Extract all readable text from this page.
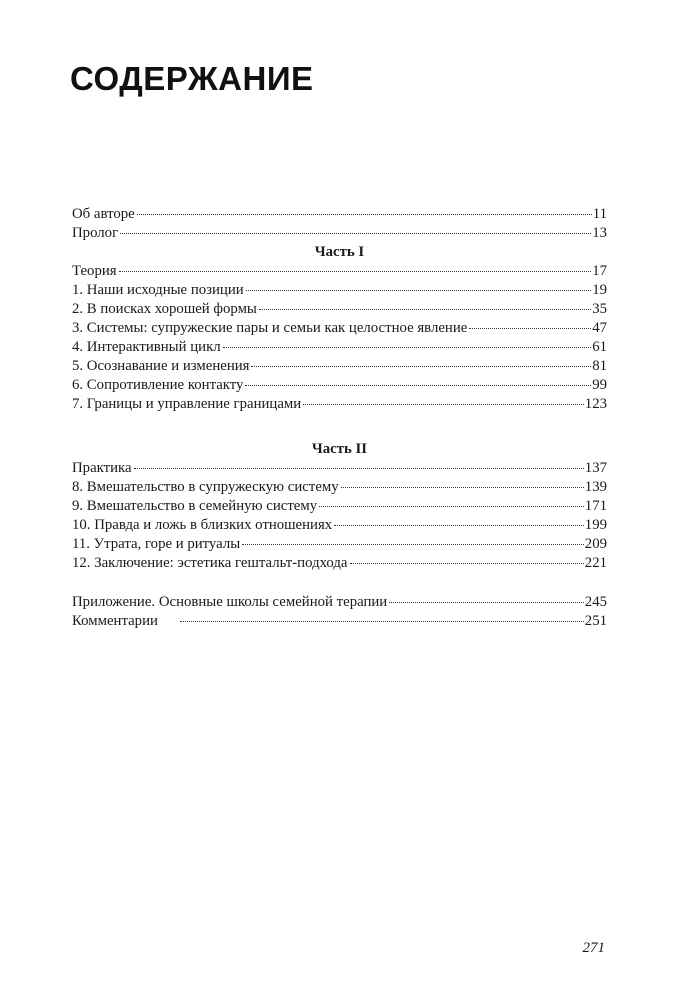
СОДЕРЖАНИЕ
Об авторе	11
Пролог	13

Часть I

Теория	17
1. Наши исходные позиции	19
2. В поисках хорошей формы	35
3. Системы: супружеские пары и семьи как целостное явление	47
4. Интерактивный цикл	61
5. Осознавание и изменения	81
6. Сопротивление контакту	99
7. Границы и управление границами	123

Часть II

Практика	137
8. Вмешательство в супружескую систему	139
9. Вмешательство в семейную систему	171
10. Правда и ложь в близких отношениях	199
11. Утрата, горе и ритуалы	209
12. Заключение: эстетика гештальт-подхода	221
Приложение. Основные школы семейной терапии	245
Комментарии	251
271
